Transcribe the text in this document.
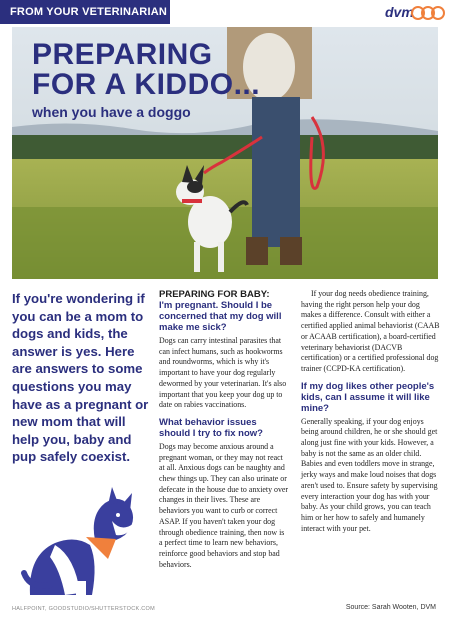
FROM YOUR VETERINARIAN	dvm
PREPARING
FOR A KIDDO...
when you have a doggo
If you're wondering if you can be a mom to dogs and kids, the answer is yes. Here are answers to some questions you may have as a pregnant or new mom that will help you, baby and pup safely coexist.

PREPARING FOR BABY:

I'm pregnant. Should I be concerned that my dog will make me sick?

Dogs can carry intestinal parasites that can infect humans, such as hookworms and roundworms, which is why it's important to have your dog regularly dewormed by your veterinarian. It's also important that you keep your dog up to date on rabies vaccinations.

What behavior issues should I try to fix now?

Dogs may become anxious around a pregnant woman, or they may not react at all. Anxious dogs can be naughty and chew things up. They can also urinate or defecate in the house due to anxiety over changes in their lives. These are behaviors you want to curb or correct ASAP. If you haven't taken your dog through obedience training, then now is a perfect time to learn new behaviors, reinforce good behaviors and stop bad behaviors.

If your dog needs obedience training, having the right person help your dog makes a difference. Consult with either a certified applied animal behaviorist (CAAB or ACAAB certification), a board-certified veterinary behaviorist (DACVB certification) or a certified professional dog trainer (CCPD-KA certification).

If my dog likes other people's kids, can I assume it will like mine?

Generally speaking, if your dog enjoys being around children, he or she should get along just fine with your kids. However, a baby is not the same as an older child. Babies and even toddlers move in strange, jerky ways and make loud noises that dogs aren't used to. Ensure safety by supervising every interaction your dog has with your baby. As your child grows, you can teach him or her how to safely and humanely interact with your pet.

HALFPOINT, GOODSTUDIO/SHUTTERSTOCK.COM	Source: Sarah Wooten, DVM
